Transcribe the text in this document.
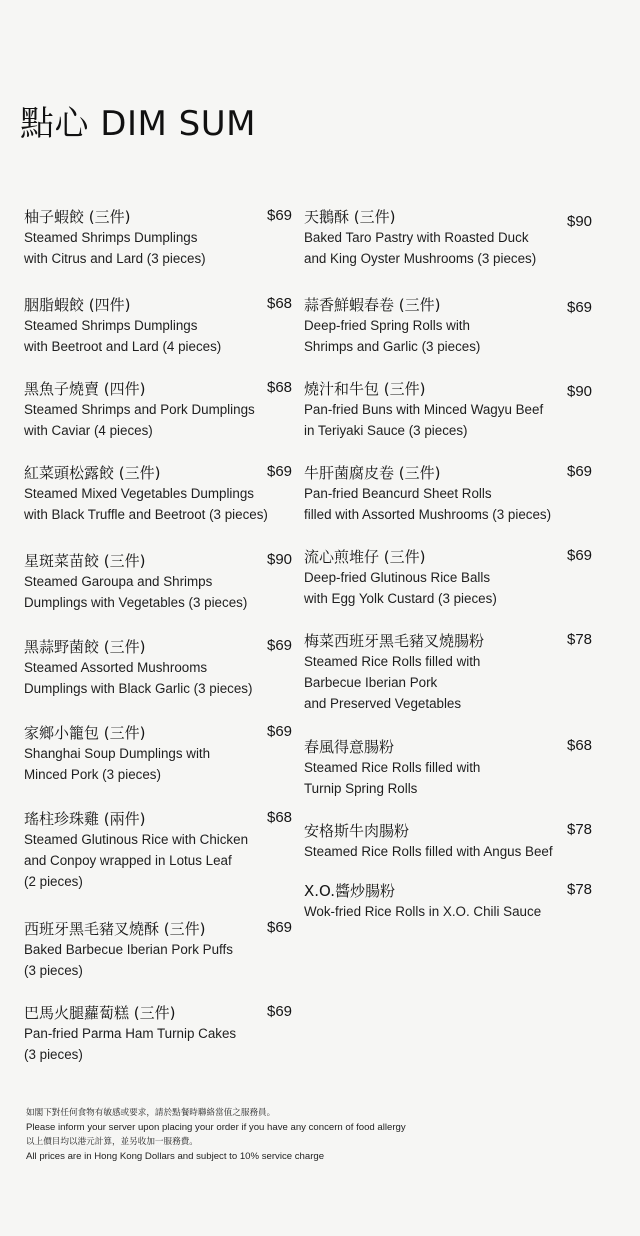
點心 DIM SUM
柚子蝦餃 (三件)
Steamed Shrimps Dumplings
with Citrus and Lard (3 pieces)
$69
胭脂蝦餃 (四件)
Steamed Shrimps Dumplings
with Beetroot and Lard (4 pieces)
$68
黑魚子燒賣 (四件)
Steamed Shrimps and Pork Dumplings
with Caviar (4 pieces)
$68
紅菜頭松露餃 (三件)
Steamed Mixed Vegetables Dumplings
with Black Truffle and Beetroot (3 pieces)
$69
星斑菜苗餃 (三件)
Steamed Garoupa and Shrimps
Dumplings with Vegetables (3 pieces)
$90
黑蒜野菌餃 (三件)
Steamed Assorted Mushrooms
Dumplings with Black Garlic (3 pieces)
$69
家鄉小籠包 (三件)
Shanghai Soup Dumplings with
Minced Pork (3 pieces)
$69
瑤柱珍珠雞 (兩件)
Steamed Glutinous Rice with Chicken
and Conpoy wrapped in Lotus Leaf
(2 pieces)
$68
西班牙黑毛豬叉燒酥 (三件)
Baked Barbecue Iberian Pork Puffs
(3 pieces)
$69
巴馬火腿蘿蔔糕 (三件)
Pan-fried Parma Ham Turnip Cakes
(3 pieces)
$69
天鵝酥 (三件)
Baked Taro Pastry with Roasted Duck
and King Oyster Mushrooms (3 pieces)
$90
蒜香鮮蝦春卷 (三件)
Deep-fried Spring Rolls with
Shrimps and Garlic (3 pieces)
$69
燒汁和牛包 (三件)
Pan-fried Buns with Minced Wagyu Beef
in Teriyaki Sauce (3 pieces)
$90
牛肝菌腐皮卷 (三件)
Pan-fried Beancurd Sheet Rolls
filled with Assorted Mushrooms (3 pieces)
$69
流心煎堆仔 (三件)
Deep-fried Glutinous Rice Balls
with Egg Yolk Custard (3 pieces)
$69
梅菜西班牙黑毛豬叉燒腸粉
Steamed Rice Rolls filled with
Barbecue Iberian Pork
and Preserved Vegetables
$78
春風得意腸粉
Steamed Rice Rolls filled with
Turnip Spring Rolls
$68
安格斯牛肉腸粉
Steamed Rice Rolls filled with Angus Beef
$78
X.O.醬炒腸粉
Wok-fried Rice Rolls in X.O. Chili Sauce
$78
如閣下對任何食物有敏感或要求，請於點餐時聯絡當值之服務員。
Please inform your server upon placing your order if you have any concern of food allergy
以上價目均以港元計算，並另收加一服務費。
All prices are in Hong Kong Dollars and subject to 10% service charge
